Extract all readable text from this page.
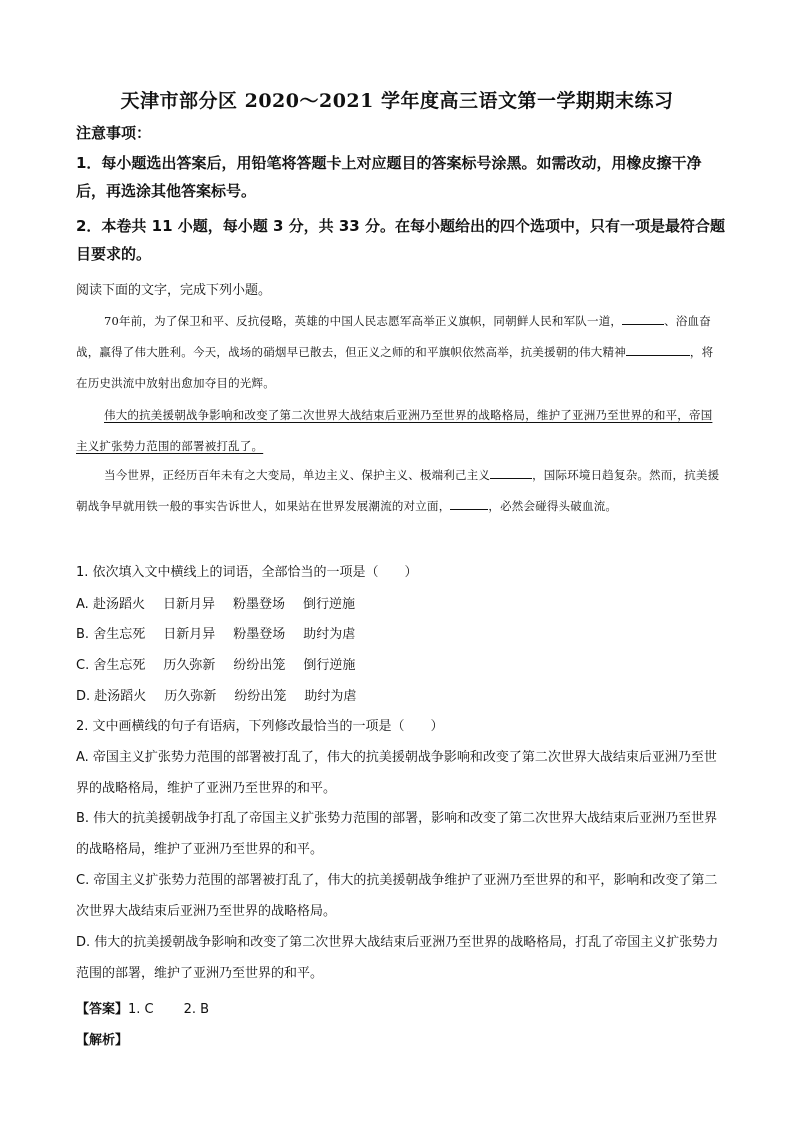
天津市部分区 2020～2021 学年度高三语文第一学期期末练习
注意事项：
1．每小题选出答案后，用铅笔将答题卡上对应题目的答案标号涂黑。如需改动，用橡皮擦干净后，再选涂其他答案标号。
2．本卷共 11 小题，每小题 3 分，共 33 分。在每小题给出的四个选项中，只有一项是最符合题目要求的。
阅读下面的文字，完成下列小题。
70年前，为了保卫和平、反抗侵略，英雄的中国人民志愿军高举正义旗帜，同朝鲜人民和军队一道，	、浴血奋战，赢得了伟大胜利。今天，战场的硝烟早已散去，但正义之师的和平旗帜依然高举，抗美援朝的伟大精神	，将在历史洪流中放射出愈加夺目的光辉。
伟大的抗美援朝战争影响和改变了第二次世界大战结束后亚洲乃至世界的战略格局，维护了亚洲乃至世界的和平，帝国主义扩张势力范围的部署被打乱了。
当今世界，正经历百年未有之大变局，单边主义、保护主义、极端利己主义	，国际环境日趋复杂。然而，抗美援朝战争早就用铁一般的事实告诉世人，如果站在世界发展潮流的对立面，	，必然会碰得头破血流。
1. 依次填入文中横线上的词语，全部恰当的一项是（　　）
A. 赴汤蹈火 日新月异 粉墨登场 倒行逆施
B. 舍生忘死 日新月异 粉墨登场 助纣为虐
C. 舍生忘死 历久弥新 纷纷出笼 倒行逆施
D. 赴汤蹈火 历久弥新 纷纷出笼 助纣为虐
2. 文中画横线的句子有语病，下列修改最恰当的一项是（　　）
A. 帝国主义扩张势力范围的部署被打乱了，伟大的抗美援朝战争影响和改变了第二次世界大战结束后亚洲乃至世界的战略格局，维护了亚洲乃至世界的和平。
B. 伟大的抗美援朝战争打乱了帝国主义扩张势力范围的部署，影响和改变了第二次世界大战结束后亚洲乃至世界的战略格局，维护了亚洲乃至世界的和平。
C. 帝国主义扩张势力范围的部署被打乱了，伟大的抗美援朝战争维护了亚洲乃至世界的和平，影响和改变了第二次世界大战结束后亚洲乃至世界的战略格局。
D. 伟大的抗美援朝战争影响和改变了第二次世界大战结束后亚洲乃至世界的战略格局，打乱了帝国主义扩张势力范围的部署，维护了亚洲乃至世界的和平。
【答案】1. C 2. B
【解析】
